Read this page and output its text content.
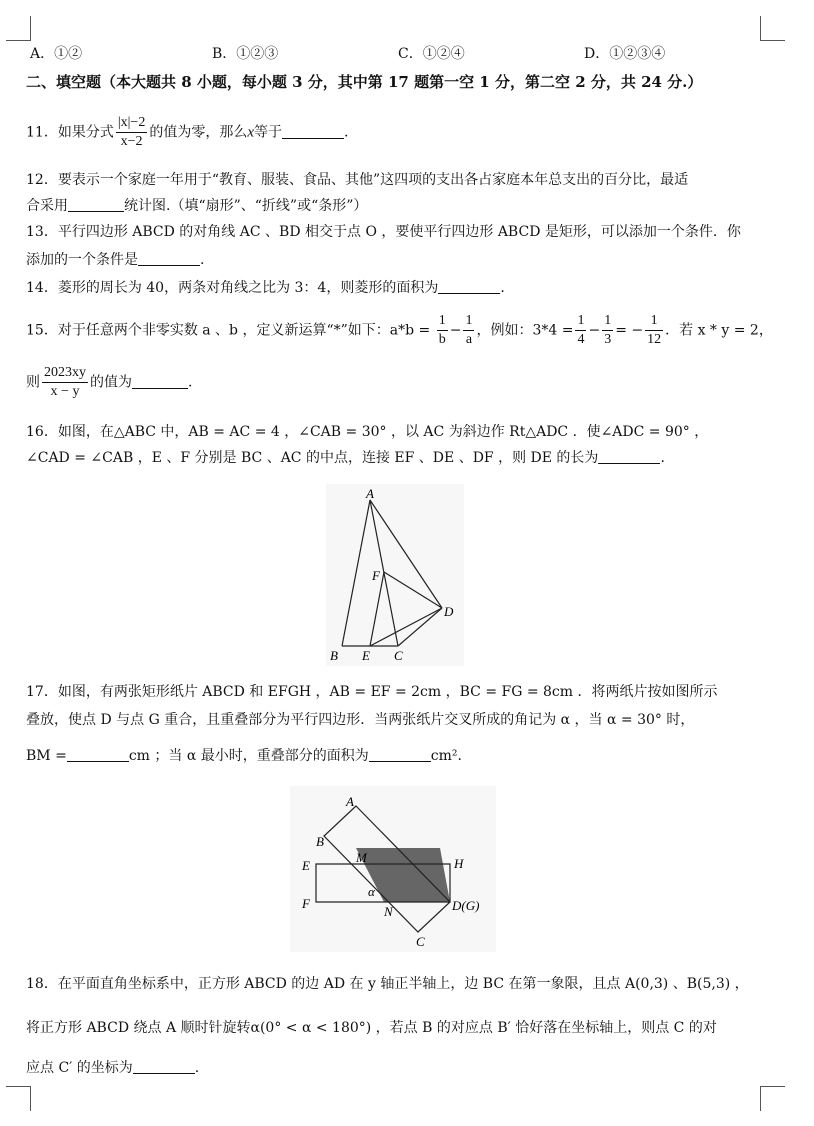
A．①②	B．①②③	C．①②④	D．①②③④
二、填空题（本大题共 8 小题，每小题 3 分，其中第 17 题第一空 1 分，第二空 2 分，共 24 分.）
11．如果分式 $\frac{|x|-2}{x-2}$ 的值为零，那么x等于	.
12．要表示一个家庭一年用于“教育、服装、食品、其他”这四项的支出各占家庭本年总支出的百分比，最适
合采用	统计图.（填“扇形”、“折线”或“条形”）
13．平行四边形 ABCD 的对角线 AC 、BD 相交于点 O ，要使平行四边形 ABCD 是矩形，可以添加一个条件．你
添加的一个条件是	.
14．菱形的周长为 40，两条对角线之比为 3：4，则菱形的面积为	.
15．对于任意两个非零实数 a 、b ，定义新运算“*”如下：$a*b = \frac{1}{b} - \frac{1}{a}$ ，例如：$3*4 = \frac{1}{4} - \frac{1}{3}$ = − $\frac{1}{12}$ ．若 x * y = 2，
则 $\frac{2023xy}{x - y}$ 的值为	.
16．如图，在△ABC 中，AB = AC = 4 ，∠CAB = 30° ，以 AC 为斜边作 Rt△ADC ．使∠ADC = 90° ，
∠CAD = ∠CAB ，E 、F 分别是 BC 、AC 的中点，连接 EF 、DE 、DF ，则 DE 的长为	.
A
B E C
D
F
17．如图，有两张矩形纸片 ABCD 和 EFGH ，AB = EF = 2cm ，BC = FG = 8cm ．将两纸片按如图所示
叠放，使点 D 与点 G 重合，且重叠部分为平行四边形．当两张纸片交叉所成的角记为 α ，当 α = 30° 时，
BM =	cm ；当 α 最小时，重叠部分的面积为	cm².
A
B
E
F
H
M
N
α
D(G)
C
18．在平面直角坐标系中，正方形 ABCD 的边 AD 在 y 轴正半轴上，边 BC 在第一象限，且点 A(0,3) 、B(5,3) ，
将正方形 ABCD 绕点 A 顺时针旋转α(0° < α < 180°) ，若点 B 的对应点 B′ 恰好落在坐标轴上，则点 C 的对
应点 C′ 的坐标为	.
